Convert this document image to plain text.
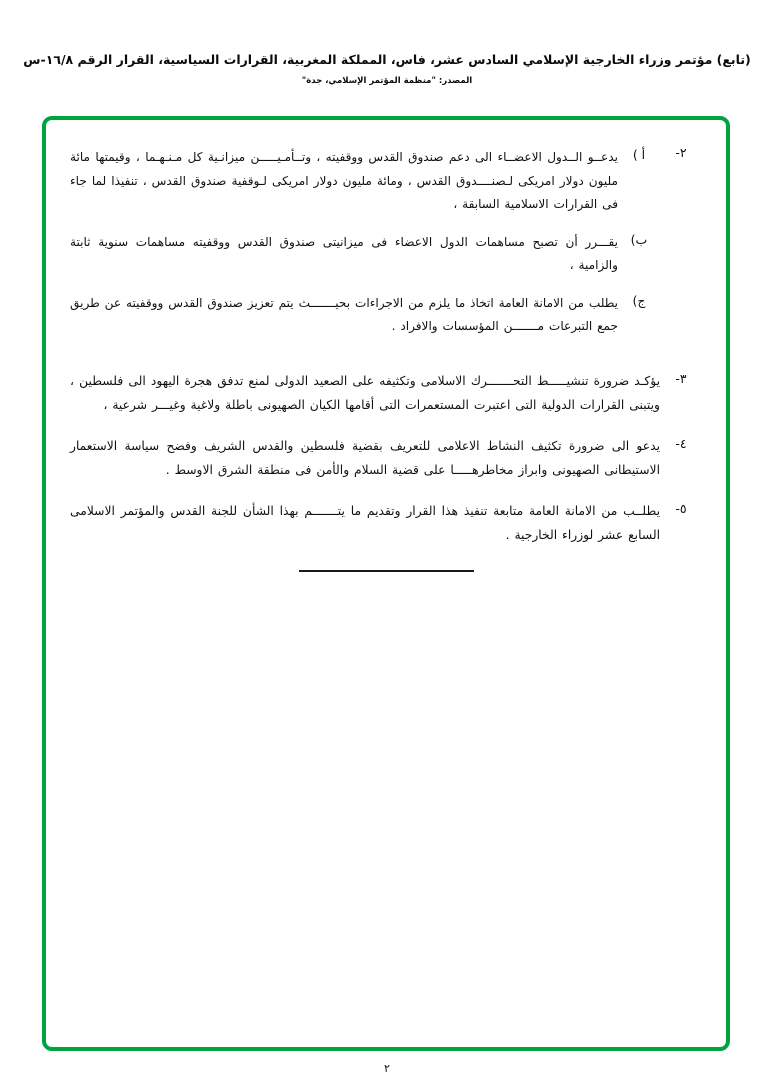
(تابع) مؤتمر وزراء الخارجية الإسلامي السادس عشر، فاس، المملكة المغربية، القرارات السياسية، القرار الرقم ١٦/٨-س
المصدر: "منظمة المؤتمر الإسلامي، جدة"
٢-
أ )
يدعــو الــدول الاعضــاء الى دعم صندوق القدس ووقفيته ، وتــأمـيـــــن ميزانـية كل مـنـهـما ، وقيمتها مائة مليون دولار امريكى لـصنــــدوق القدس ، ومائة مليون دولار امريكى لـوقفية صندوق القدس ، تنفيذا لما جاء فى القرارات الاسلامية السابقة ،
ب)
يقـــرر أن تصبح مساهمات الدول الاعضاء فى ميزانيتى صندوق القدس ووقفيته مساهمات سنوية ثابتة والزامية ،
ج)
يطلب من الامانة العامة اتخاذ ما يلزم من الاجراءات بحيـــــــث يتم تعزيز صندوق القدس ووقفيته عن طريق جمع التبرعات مـــــــن المؤسسات والافراد .
٣-
يؤكـد ضرورة تنشيـــــط التحـــــــرك الاسلامى وتكثيفه على الصعيد الدولى لمنع تدفق هجرة اليهود الى فلسطين ، ويتبنى القرارات الدولية التى اعتبرت المستعمرات التى أقامها الكيان الصهيونى باطلة ولاغية وغيـــر شرعية ،
٤-
يدعو الى ضرورة تكثيف النشاط الاعلامى للتعريف بقضية فلسطين والقدس الشريف وفضح سياسة الاستعمار الاستيطانى الصهيونى وابراز مخاطرهـــــا على قضية السلام والأمن فى منطقة الشرق الاوسط .
٥-
يطلــب من الامانة العامة متابعة تنفيذ هذا القرار وتقديم ما يتـــــــم بهذا الشأن للجنة القدس والمؤتمر الاسلامى السابع عشر لوزراء الخارجية .
٢
